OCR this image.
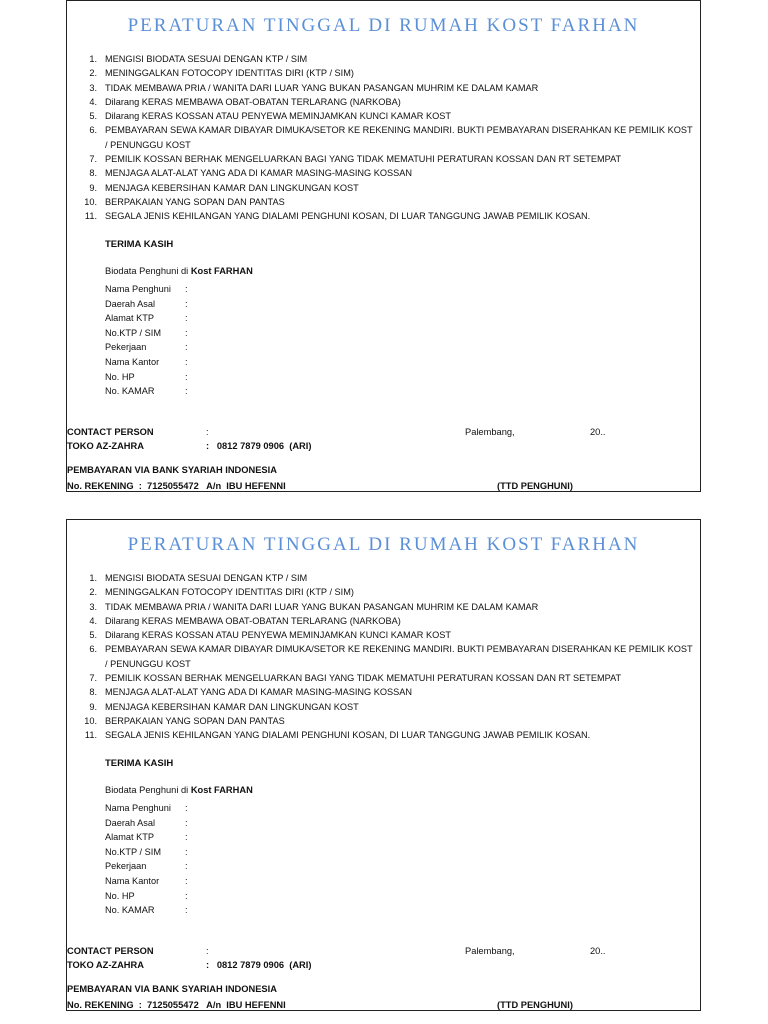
PERATURAN TINGGAL DI RUMAH KOST FARHAN
1. MENGISI BIODATA SESUAI DENGAN KTP / SIM
2. MENINGGALKAN FOTOCOPY IDENTITAS DIRI (KTP / SIM)
3. TIDAK MEMBAWA PRIA / WANITA DARI LUAR YANG BUKAN PASANGAN MUHRIM KE DALAM KAMAR
4. Dilarang KERAS MEMBAWA OBAT-OBATAN TERLARANG (NARKOBA)
5. Dilarang KERAS KOSSAN ATAU PENYEWA MEMINJAMKAN KUNCI KAMAR KOST
6. PEMBAYARAN SEWA KAMAR DIBAYAR DIMUKA/SETOR KE REKENING MANDIRI. BUKTI PEMBAYARAN DISERAHKAN KE PEMILIK KOST / PENUNGGU KOST
7. PEMILIK KOSSAN BERHAK MENGELUARKAN BAGI YANG TIDAK MEMATUHI PERATURAN KOSSAN DAN RT SETEMPAT
8. MENJAGA ALAT-ALAT YANG ADA DI KAMAR MASING-MASING KOSSAN
9. MENJAGA KEBERSIHAN KAMAR DAN LINGKUNGAN KOST
10. BERPAKAIAN YANG SOPAN DAN PANTAS
11. SEGALA JENIS KEHILANGAN YANG DIALAMI PENGHUNI KOSAN, DI LUAR TANGGUNG JAWAB PEMILIK KOSAN.
TERIMA KASIH
Biodata Penghuni di Kost FARHAN
Nama Penghuni :
Daerah Asal	:
Alamat KTP	:
No.KTP / SIM	:
Pekerjaan	:
Nama Kantor	:
No. HP	:
No. KAMAR	:
CONTACT PERSON	:	Palembang,	20..
TOKO AZ-ZAHRA	:   0812 7879 0906  (ARI)
PEMBAYARAN VIA BANK SYARIAH INDONESIA
No. REKENING  :  7125055472   A/n  IBU HEFENNI	(TTD PENGHUNI)
PERATURAN TINGGAL DI RUMAH KOST FARHAN
1. MENGISI BIODATA SESUAI DENGAN KTP / SIM
2. MENINGGALKAN FOTOCOPY IDENTITAS DIRI (KTP / SIM)
3. TIDAK MEMBAWA PRIA / WANITA DARI LUAR YANG BUKAN PASANGAN MUHRIM KE DALAM KAMAR
4. Dilarang KERAS MEMBAWA OBAT-OBATAN TERLARANG (NARKOBA)
5. Dilarang KERAS KOSSAN ATAU PENYEWA MEMINJAMKAN KUNCI KAMAR KOST
6. PEMBAYARAN SEWA KAMAR DIBAYAR DIMUKA/SETOR KE REKENING MANDIRI. BUKTI PEMBAYARAN DISERAHKAN KE PEMILIK KOST / PENUNGGU KOST
7. PEMILIK KOSSAN BERHAK MENGELUARKAN BAGI YANG TIDAK MEMATUHI PERATURAN KOSSAN DAN RT SETEMPAT
8. MENJAGA ALAT-ALAT YANG ADA DI KAMAR MASING-MASING KOSSAN
9. MENJAGA KEBERSIHAN KAMAR DAN LINGKUNGAN KOST
10. BERPAKAIAN YANG SOPAN DAN PANTAS
11. SEGALA JENIS KEHILANGAN YANG DIALAMI PENGHUNI KOSAN, DI LUAR TANGGUNG JAWAB PEMILIK KOSAN.
TERIMA KASIH
Biodata Penghuni di Kost FARHAN
Nama Penghuni :
Daerah Asal	:
Alamat KTP	:
No.KTP / SIM	:
Pekerjaan	:
Nama Kantor	:
No. HP	:
No. KAMAR	:
CONTACT PERSON	:	Palembang,	20..
TOKO AZ-ZAHRA	:   0812 7879 0906  (ARI)
PEMBAYARAN VIA BANK SYARIAH INDONESIA
No. REKENING  :  7125055472   A/n  IBU HEFENNI	(TTD PENGHUNI)
